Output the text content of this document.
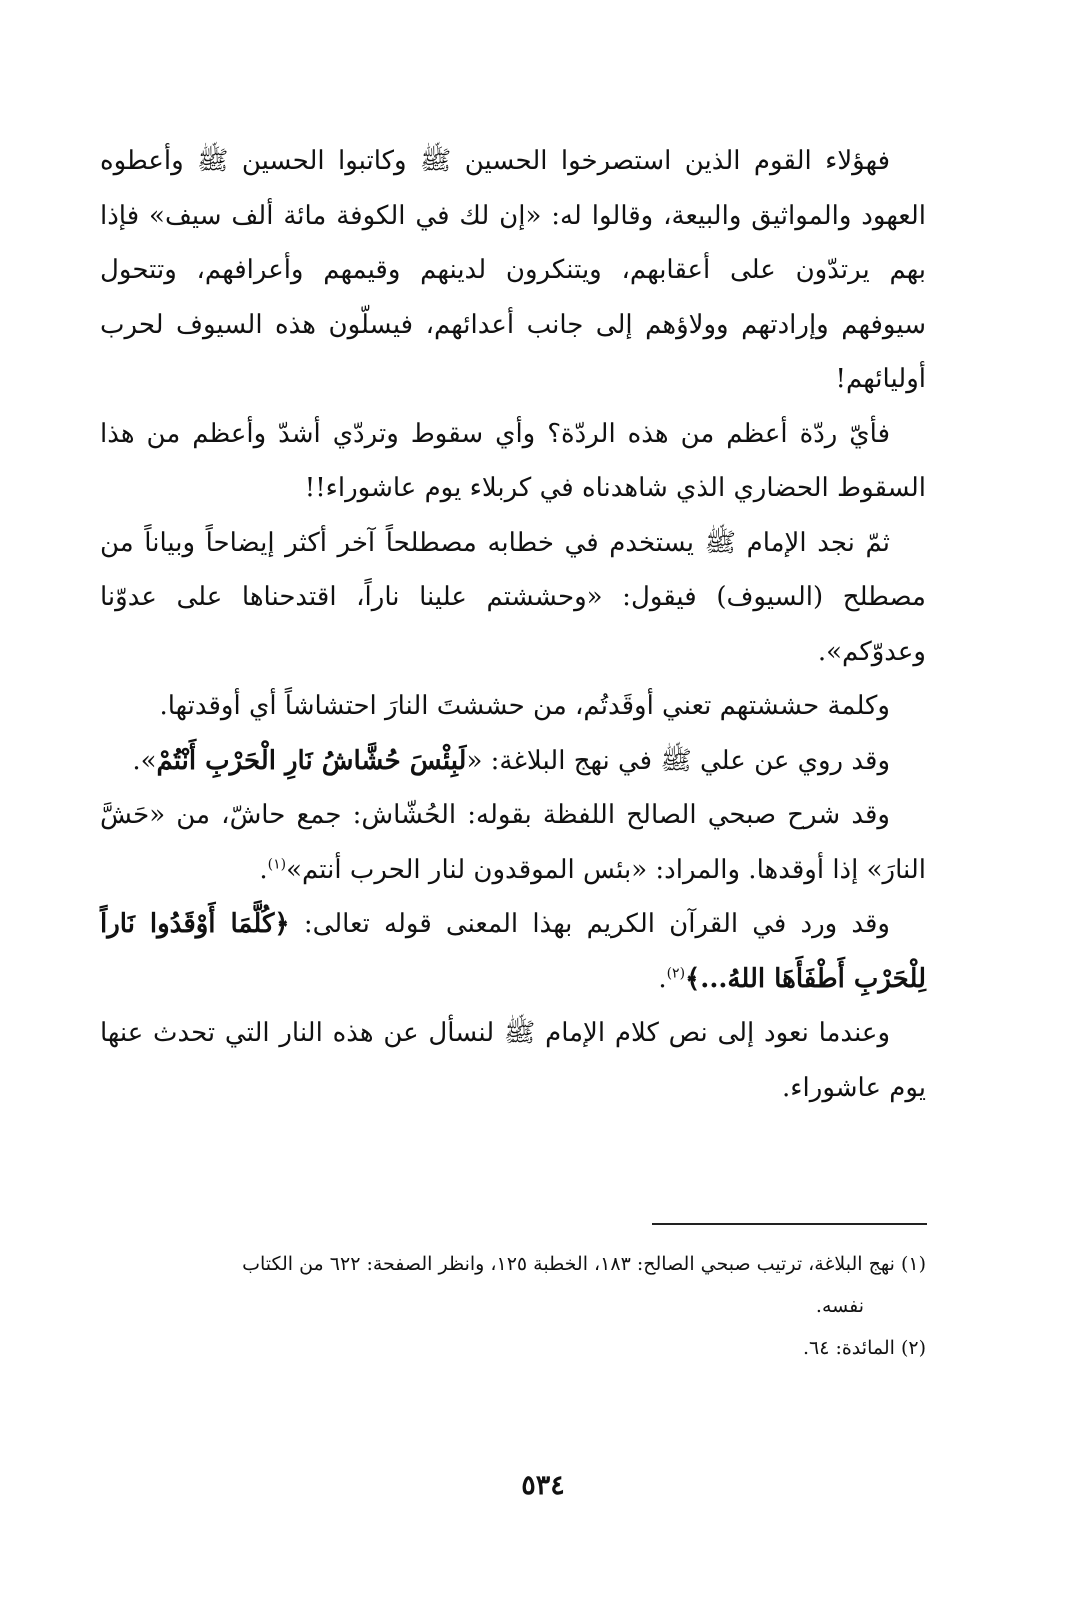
فهؤلاء القوم الذين استصرخوا الحسين ﷺ وكاتبوا الحسين ﷺ وأعطوه العهود والمواثيق والبيعة، وقالوا له: «إن لك في الكوفة مائة ألف سيف» فإذا بهم يرتدّون على أعقابهم، ويتنكرون لدينهم وقيمهم وأعرافهم، وتتحول سيوفهم وإرادتهم وولاؤهم إلى جانب أعدائهم، فيسلّون هذه السيوف لحرب أوليائهم!

فأيّ ردّة أعظم من هذه الردّة؟ وأي سقوط وتردّي أشدّ وأعظم من هذا السقوط الحضاري الذي شاهدناه في كربلاء يوم عاشوراء!!

ثمّ نجد الإمام ﷺ يستخدم في خطابه مصطلحاً آخر أكثر إيضاحاً وبياناً من مصطلح (السيوف) فيقول: «وحششتم علينا ناراً، اقتدحناها على عدوّنا وعدوّكم».

وكلمة حششتهم تعني أوقَدتُم، من حششتَ النارَ احتشاشاً أي أوقدتها.

وقد روي عن علي ﷺ في نهج البلاغة: «لَبِئْسَ حُشَّاشُ نَارِ الْحَرْبِ أَنْتُمْ».

وقد شرح صبحي الصالح اللفظة بقوله: الحُشّاش: جمع حاشّ، من «حَشَّ النارَ» إذا أوقدها. والمراد: «بئس الموقدون لنار الحرب أنتم»$^{(١)}$.

وقد ورد في القرآن الكريم بهذا المعنى قوله تعالى: ﴿كُلَّمَا أَوْقَدُوا نَاراً لِلْحَرْبِ أَطْفَأَهَا اللهُ...﴾$^{(٢)}$.

وعندما نعود إلى نص كلام الإمام ﷺ لنسأل عن هذه النار التي تحدث عنها يوم عاشوراء.

(١) نهج البلاغة، ترتيب صبحي الصالح: ١٨٣، الخطبة ١٢٥، وانظر الصفحة: ٦٢٢ من الكتاب

نفسه.

(٢) المائدة: ٦٤.

٥٣٤
